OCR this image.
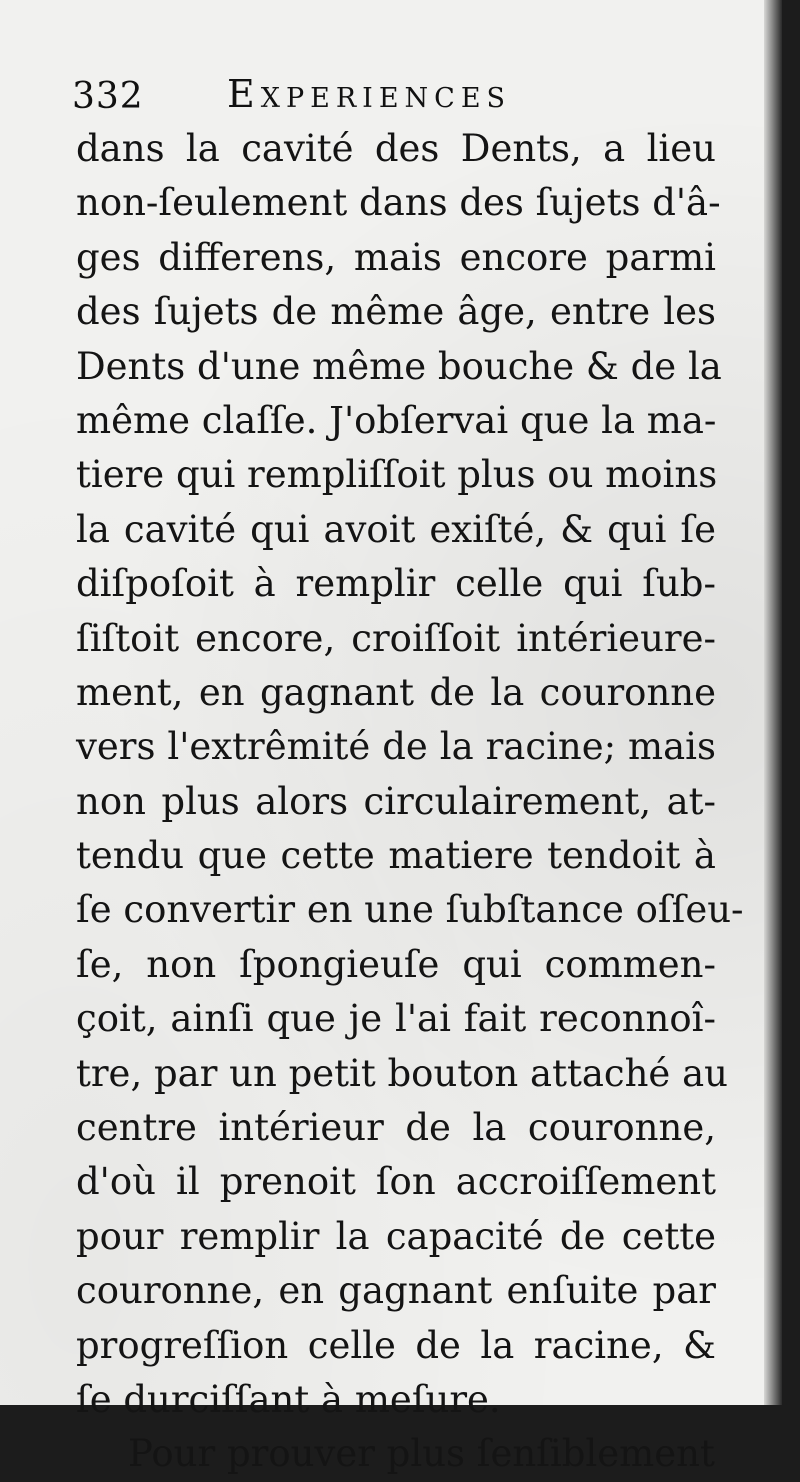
332 Experiences
dans la cavité des Dents, a lieu
non-ſeulement dans des ſujets d'â-
ges differens, mais encore parmi
des ſujets de même âge, entre les
Dents d'une même bouche & de la
même claſſe. J'obſervai que la ma-
tiere qui rempliſſoit plus ou moins
la cavité qui avoit exiſté, & qui ſe
diſpoſoit à remplir celle qui ſub-
ſiſtoit encore, croiſſoit intérieure-
ment, en gagnant de la couronne
vers l'extrêmité de la racine; mais
non plus alors circulairement, at-
tendu que cette matiere tendoit à
ſe convertir en une ſubſtance oſſeu-
ſe, non ſpongieuſe qui commen-
çoit, ainſi que je l'ai fait reconnoî-
tre, par un petit bouton attaché au
centre intérieur de la couronne,
d'où il prenoit ſon accroiſſement
pour remplir la capacité de cette
couronne, en gagnant enſuite par
progreſſion celle de la racine, &
ſe durciſſant à meſure.
Pour prouver plus ſenſiblement
